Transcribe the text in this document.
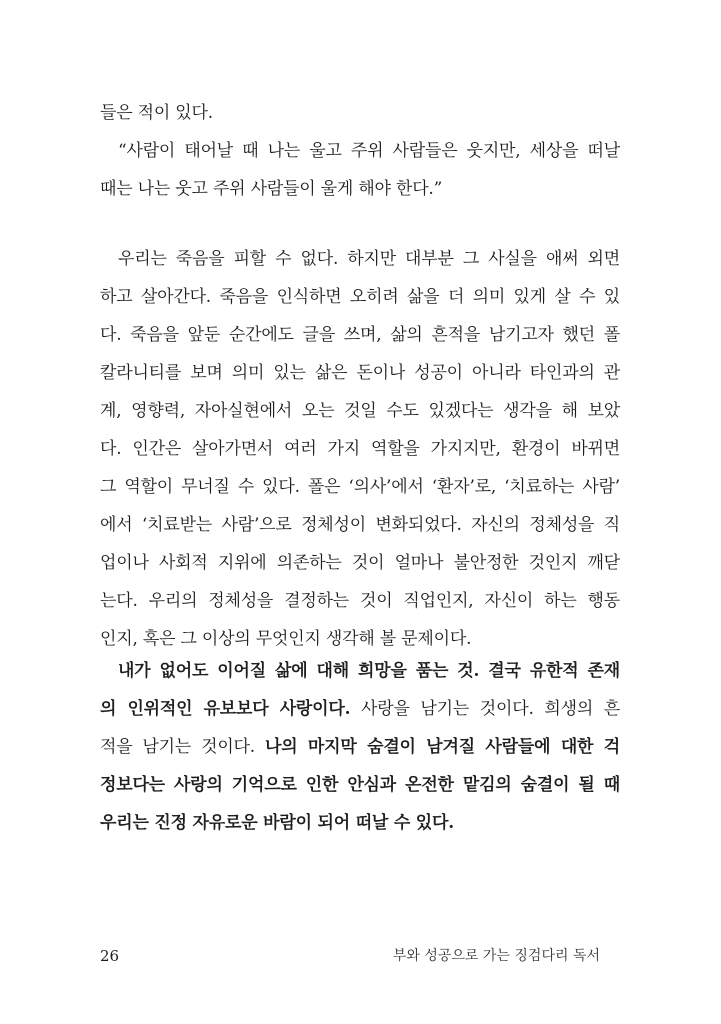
들은 적이 있다.
“사람이 태어날 때 나는 울고 주위 사람들은 웃지만, 세상을 떠날
때는 나는 웃고 주위 사람들이 울게 해야 한다.”
우리는 죽음을 피할 수 없다. 하지만 대부분 그 사실을 애써 외면
하고 살아간다. 죽음을 인식하면 오히려 삶을 더 의미 있게 살 수 있
다. 죽음을 앞둔 순간에도 글을 쓰며, 삶의 흔적을 남기고자 했던 폴
칼라니티를 보며 의미 있는 삶은 돈이나 성공이 아니라 타인과의 관
계, 영향력, 자아실현에서 오는 것일 수도 있겠다는 생각을 해 보았
다. 인간은 살아가면서 여러 가지 역할을 가지지만, 환경이 바뀌면
그 역할이 무너질 수 있다. 폴은 ‘의사’에서 ‘환자’로, ‘치료하는 사람’
에서 ‘치료받는 사람’으로 정체성이 변화되었다. 자신의 정체성을 직
업이나 사회적 지위에 의존하는 것이 얼마나 불안정한 것인지 깨닫
는다. 우리의 정체성을 결정하는 것이 직업인지, 자신이 하는 행동
인지, 혹은 그 이상의 무엇인지 생각해 볼 문제이다.
내가 없어도 이어질 삶에 대해 희망을 품는 것. 결국 유한적 존재
의 인위적인 유보보다 사랑이다. 사랑을 남기는 것이다. 희생의 흔
적을 남기는 것이다. 나의 마지막 숨결이 남겨질 사람들에 대한 걱
정보다는 사랑의 기억으로 인한 안심과 온전한 맡김의 숨결이 될 때
우리는 진정 자유로운 바람이 되어 떠날 수 있다.
26	부와 성공으로 가는 징검다리 독서
